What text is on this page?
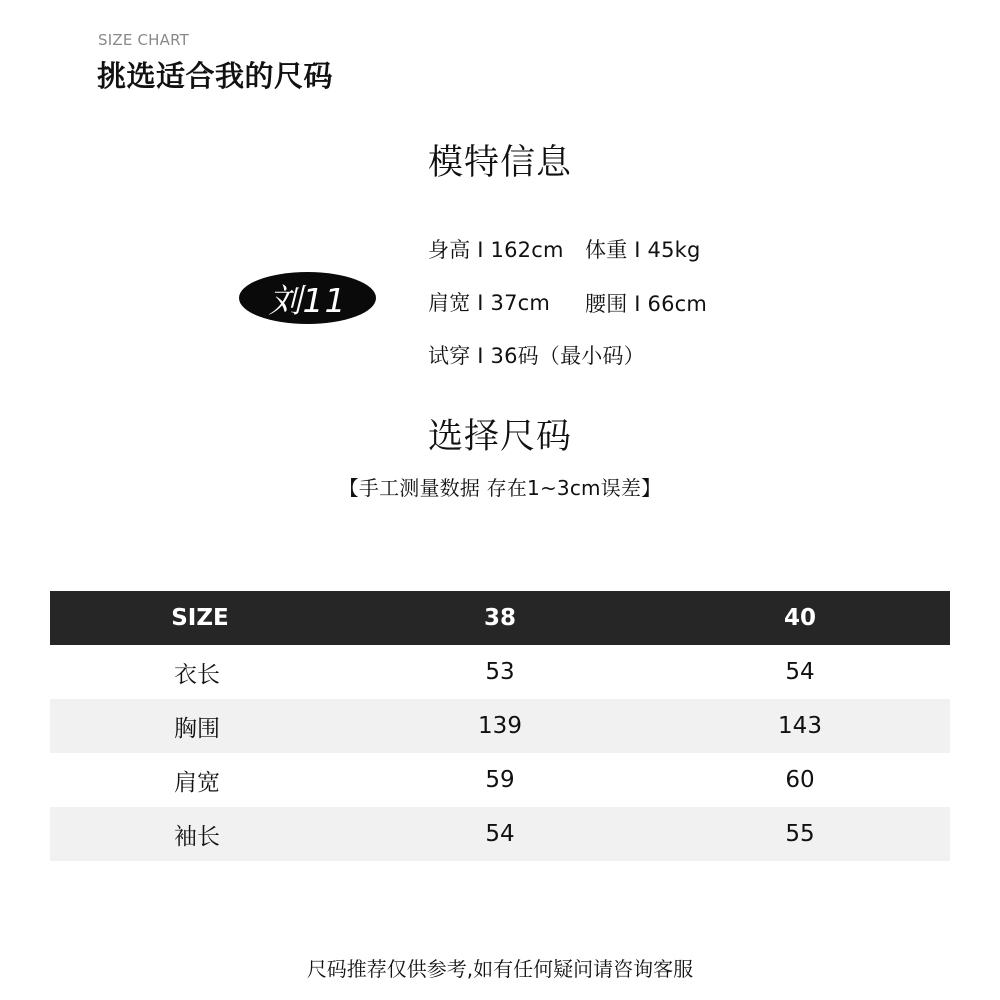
SIZE CHART
挑选适合我的尺码
模特信息
刘11
身高 I 162cm 体重 I 45kg
肩宽 I 37cm 腰围 I 66cm
试穿 I 36码（最小码）
选择尺码
【手工测量数据 存在1~3cm误差】
SIZE	38	40
衣长	53	54
胸围	139	143
肩宽	59	60
袖长	54	55
尺码推荐仅供参考,如有任何疑问请咨询客服
